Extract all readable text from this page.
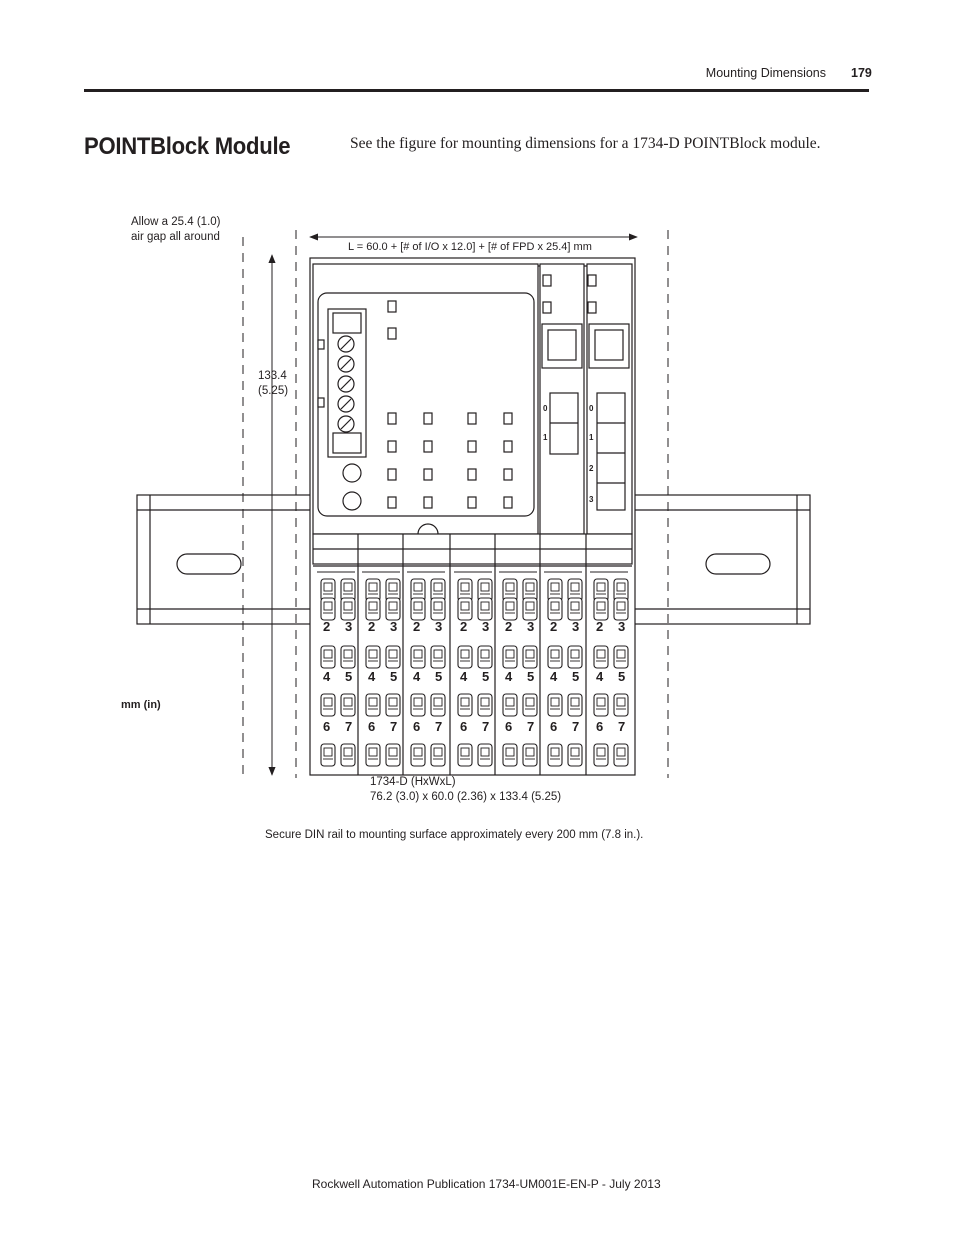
Mounting Dimensions 179
POINTBlock Module	See the figure for mounting dimensions for a 1734-D POINTBlock module.
2 3
4 5
6 7
2 3
4 5
6 7
2 3
4 5
6 7
2 3
4 5
6 7
2 3
4 5
6 7
2 3
4 5
6 7
2 3
4 5
6 7
0
1
0
1
2
3
Allow a 25.4 (1.0)
air gap all around
L = 60.0 + [# of I/O x 12.0] + [# of FPD x 25.4] mm
133.4
(5.25)
mm (in)
1734-D (HxWxL)
76.2 (3.0) x 60.0 (2.36) x 133.4 (5.25)
Secure DIN rail to mounting surface approximately every 200 mm (7.8 in.).
Rockwell Automation Publication 1734-UM001E-EN-P - July 2013
